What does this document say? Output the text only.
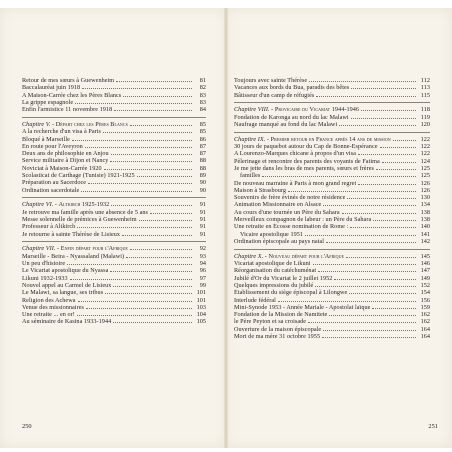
Retour de mes sœurs à Guewenheim	81
Baccalauréat juin 1918	82
A Maison-Carrée chez les Pères Blancs	83
La grippe espagnole	83
Enfin l'armistice 11 novembre 1918	84
Chapitre V. - Départ chez les Pères Blancs	85
A la recherche d'un visa à Paris	85
Bloqué à Marseille	86
En route pour l'Aveyron	87
Deux ans de philosophie en Anjou	87
Service militaire à Dijon et Nancy	88
Noviciat à Maison-Carrée 1920	88
Scolasticat de Carthage (Tunisie) 1921-1925	89
Préparation au Sacerdoce	90
Ordination sacerdotale	90
Chapitre VI. - Altkirch 1925-1932	91
Je retrouve ma famille après une absence de 5 ans	91
Messe solennelle de prémices à Guewenheim	91
Professeur à Altkirch	91
Je retourne à sainte Thérèse de Lisieux	91
Chapitre VII. - Enfin départ pour l'Afrique	92
Marseille - Beira - Nyassaland (Malawi)	93
Un peu d'histoire	94
Le Vicariat apostolique du Nyassa	96
Likuni 1932-1933	97
Nouvel appel au Carmel de Lisieux	99
Le Malawi, sa langue, ses tribus	101
Religion des Achewa	101
Venue des missionnaires	103
Une retraite ... en or!	104
Au séminaire de Kasina 1933-1944	105
250
Toujours avec sainte Thérèse	112
Vacances aux bords du Bua, paradis des bêtes	113
Bâtisseur d'un camp de réfugiés	115
Chapitre VIII. - Provicaire du Vicariat 1944-1946	118
Fondation de Karonga au nord du lac Malawi	119
Naufrage manqué au fond du lac Malawi	120
Chapitre IX. - Premier retour en France après 14 ans de mission	122
30 jours de paquebot autour du Cap de Bonne-Espérance	122
A Lourenzo-Marques chicane à propos d'un visa	122
Pèlerinage et rencontre des parents des voyants de Fatima	124
Je me jette dans les bras de mes parents, sœurs et frères	125
familles	125
De nouveau marraine à Paris à mon grand regret	126
Maison à Strasbourg	126
Souvenirs de frère évinés de notre résidence	130
Animation Missionnaire en Alsace	134
Au cours d'une tournée un Père du Sahara	138
Merveilleux compagnon de labeur : un Père du Sahara	138
Une retraite en Écosse nomination de Rome :	140
Vicaire apostolique 1951	141
Ordination épiscopale au pays natal	142
Chapitre X. - Nouveau départ pour l'Afrique	145
Vicariat apostolique de Likuni	146
Réorganisation du catéchuménat	147
Jubilé d'Or du Vicariat le 2 juillet 1952	149
Quelques impressions du jubilé	152
Établissement du siège épiscopal à Lilongwe	154
Interlude fédéral	156
Mini-Synode 1953 - Année Mariale - Apostolat laïque	159
Fondation de la Mission de Namitete	162
le Père Peyton et sa croisade	162
Ouverture de la maison épiscopale	164
Mort de ma mère 31 octobre 1955	164
251
